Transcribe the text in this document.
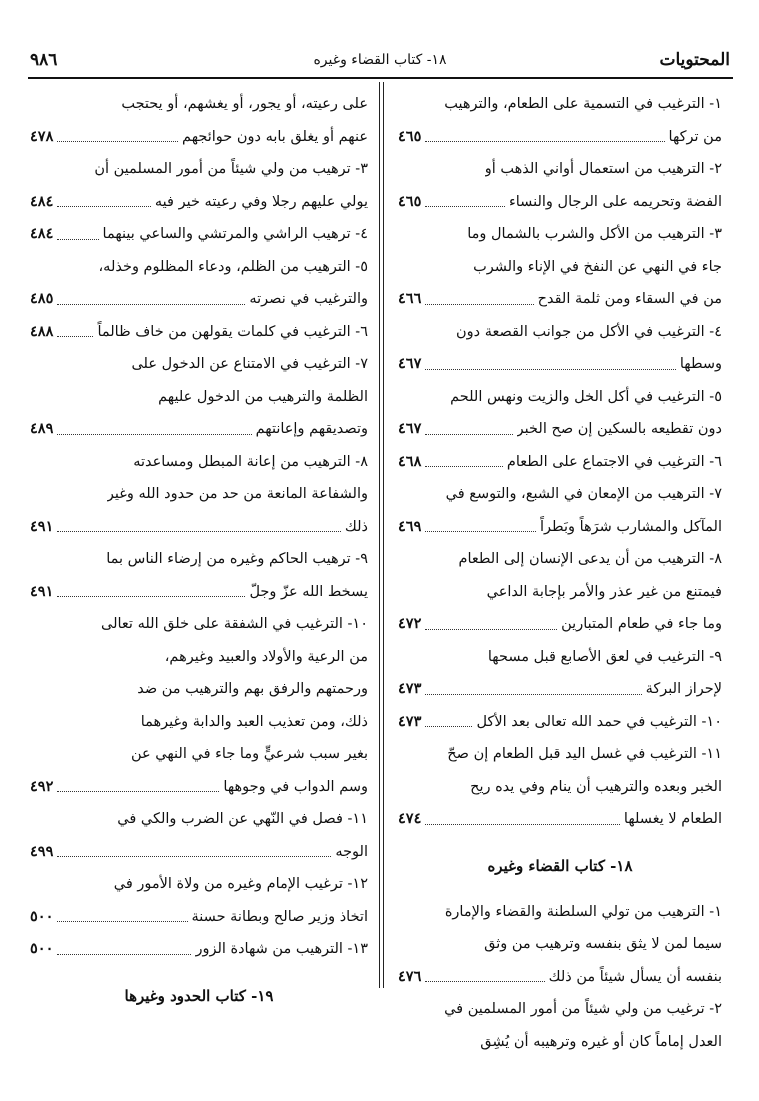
المحتويات
١٨- كتاب القضاء وغيره
٩٨٦
١- الترغيب في التسمية على الطعام، والترهيب
من تركها
٤٦٥
٢- الترهيب من استعمال أواني الذهب أو
الفضة وتحريمه على الرجال والنساء
٤٦٥
٣- الترهيب من الأكل والشرب بالشمال وما
جاء في النهي عن النفخ في الإناء والشرب
من في السقاء ومن ثلمة القدح
٤٦٦
٤- الترغيب في الأكل من جوانب القصعة دون
وسطها
٤٦٧
٥- الترغيب في أكل الخل والزيت ونهس اللحم
دون تقطيعه بالسكين إن صح الخبر
٤٦٧
٦- الترغيب في الاجتماع على الطعام
٤٦٨
٧- الترهيب من الإمعان في الشبع، والتوسع في
المآكل والمشارب شرَهاً وبَطراً
٤٦٩
٨- الترهيب من أن يدعى الإنسان إلى الطعام
فيمتنع من غير عذر والأمر بإجابة الداعي
وما جاء في طعام المتبارين
٤٧٢
٩- الترغيب في لعق الأصابع قبل مسحها
لإحراز البركة
٤٧٣
١٠- الترغيب في حمد الله تعالى بعد الأكل
٤٧٣
١١- الترغيب في غسل اليد قبل الطعام إن صحّ
الخبر وبعده والترهيب أن ينام وفي يده ريح
الطعام لا يغسلها
٤٧٤
١٨- كتاب القضاء وغيره
١- الترهيب من تولي السلطنة والقضاء والإمارة
سيما لمن لا يثق بنفسه وترهيب من وثق
بنفسه أن يسأل شيئاً من ذلك
٤٧٦
٢- ترغيب من ولي شيئاً من أمور المسلمين في
العدل إماماً كان أو غيره وترهيبه أن يُشِق
على رعيته، أو يجور، أو يغشهم، أو يحتجب
عنهم أو يغلق بابه دون حوائجهم
٤٧٨
٣- ترهيب من ولي شيئاً من أمور المسلمين أن
يولي عليهم رجلا وفي رعيته خير فيه
٤٨٤
٤- ترهيب الراشي والمرتشي والساعي بينهما
٤٨٤
٥- الترهيب من الظلم، ودعاء المظلوم وخذله،
والترغيب في نصرته
٤٨٥
٦- الترغيب في كلمات يقولهن من خاف ظالماً
٤٨٨
٧- الترغيب في الامتناع عن الدخول على
الظلمة والترهيب من الدخول عليهم
وتصديقهم وإعانتهم
٤٨٩
٨- الترهيب من إعانة المبطل ومساعدته
والشفاعة المانعة من حد من حدود الله وغير
ذلك
٤٩١
٩- ترهيب الحاكم وغيره من إرضاء الناس بما
يسخط الله عزّ وجلّ
٤٩١
١٠- الترغيب في الشفقة على خلق الله تعالى
من الرعية والأولاد والعبيد وغيرهم،
ورحمتهم والرفق بهم والترهيب من ضد
ذلك، ومن تعذيب العبد والدابة وغيرهما
بغير سبب شرعيٍّ وما جاء في النهي عن
وسم الدواب في وجوهها
٤٩٢
١١- فصل في النّهي عن الضرب والكي في
الوجه
٤٩٩
١٢- ترغيب الإمام وغيره من ولاة الأمور في
اتخاذ وزير صالح وبطانة حسنة
٥٠٠
١٣- الترهيب من شهادة الزور
٥٠٠
١٩- كتاب الحدود وغيرها
